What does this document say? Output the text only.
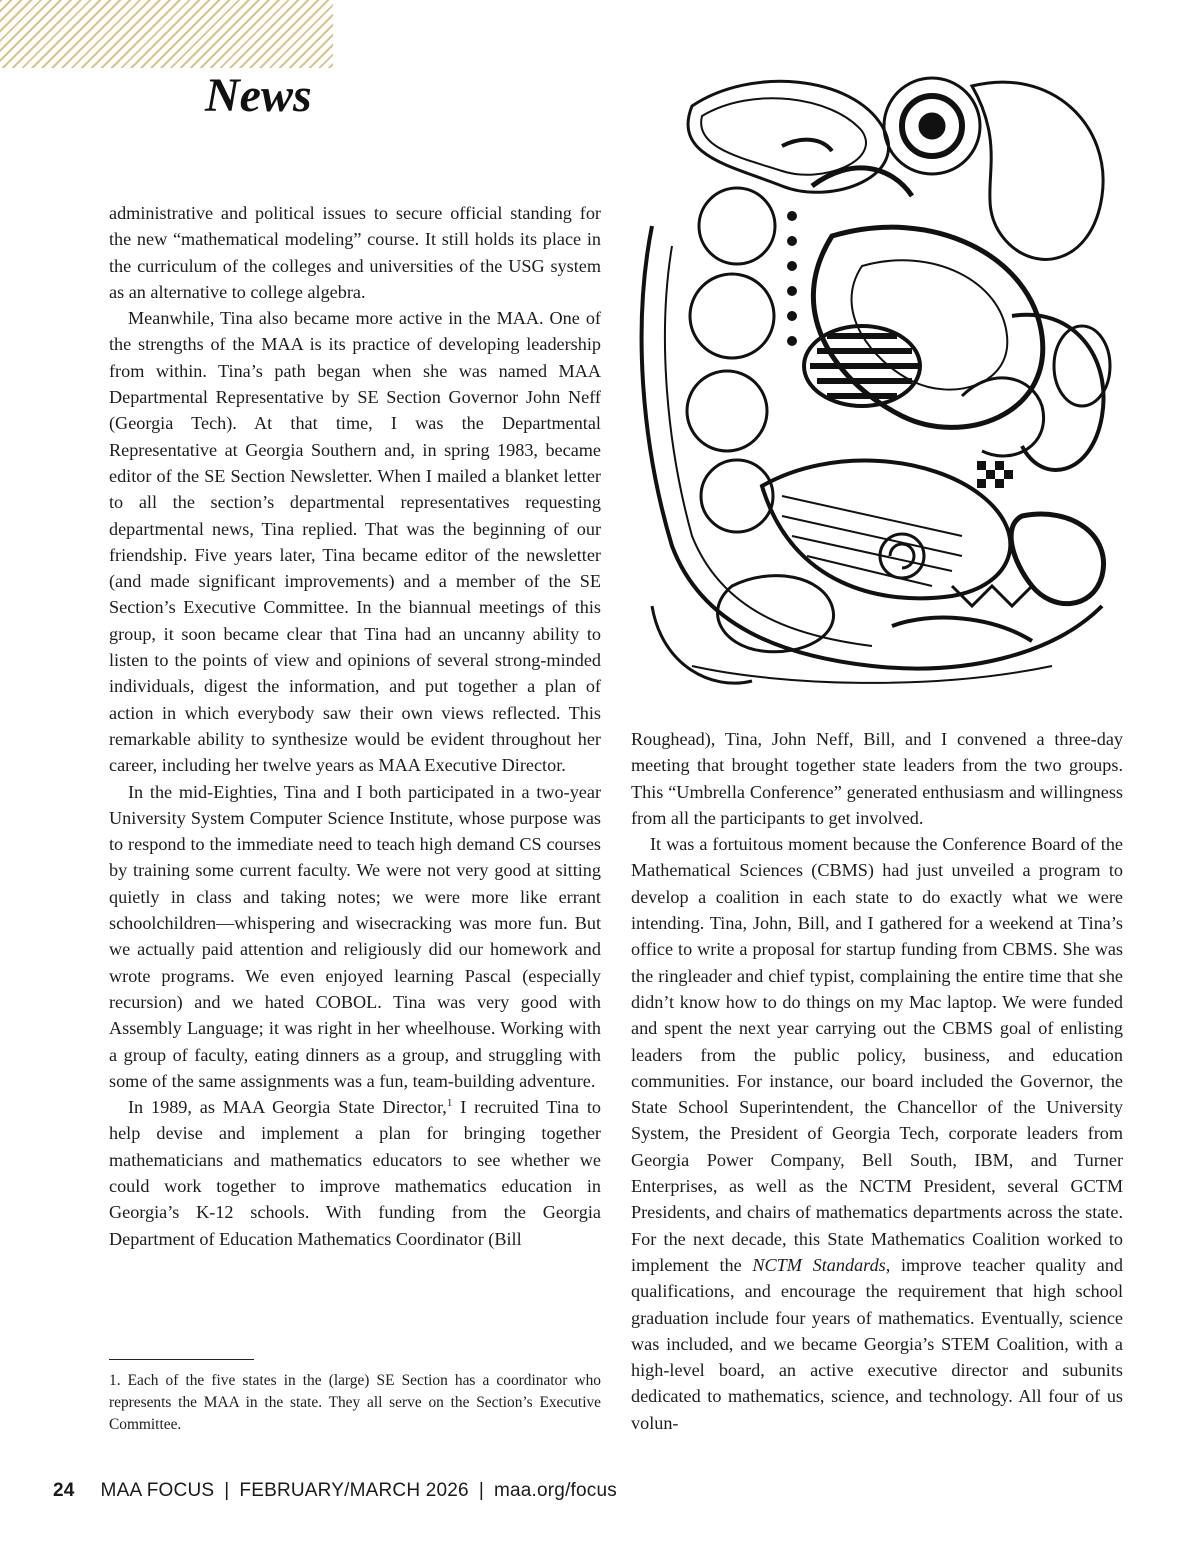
News

administrative and political issues to secure official standing for the new “mathematical modeling” course. It still holds its place in the curriculum of the colleges and universities of the USG system as an alternative to college algebra.

Meanwhile, Tina also became more active in the MAA. One of the strengths of the MAA is its practice of developing leadership from within. Tina’s path began when she was named MAA Departmental Representative by SE Section Governor John Neff (Georgia Tech). At that time, I was the Departmental Representative at Georgia Southern and, in spring 1983, became editor of the SE Section Newsletter. When I mailed a blanket letter to all the section’s departmental representatives requesting departmental news, Tina replied. That was the beginning of our friendship. Five years later, Tina became editor of the newsletter (and made significant improvements) and a member of the SE Section’s Executive Committee. In the biannual meetings of this group, it soon became clear that Tina had an uncanny ability to listen to the points of view and opinions of several strong-minded individuals, digest the information, and put together a plan of action in which everybody saw their own views reflected. This remarkable ability to synthesize would be evident throughout her career, including her twelve years as MAA Executive Director.

In the mid-Eighties, Tina and I both participated in a two-year University System Computer Science Institute, whose purpose was to respond to the immediate need to teach high demand CS courses by training some current faculty. We were not very good at sitting quietly in class and taking notes; we were more like errant schoolchildren—whispering and wisecracking was more fun. But we actually paid attention and religiously did our homework and wrote programs. We even enjoyed learning Pascal (especially recursion) and we hated COBOL. Tina was very good with Assembly Language; it was right in her wheelhouse. Working with a group of faculty, eating dinners as a group, and struggling with some of the same assignments was a fun, team-building adventure.

In 1989, as MAA Georgia State Director,$^1$ I recruited Tina to help devise and implement a plan for bringing together mathematicians and mathematics educators to see whether we could work together to improve mathematics education in Georgia’s K-12 schools. With funding from the Georgia Department of Education Mathematics Coordinator (Bill

1. Each of the five states in the (large) SE Section has a coordinator who represents the MAA in the state. They all serve on the Section’s Executive Committee.

Roughead), Tina, John Neff, Bill, and I convened a three-day meeting that brought together state leaders from the two groups. This “Umbrella Conference” generated enthusiasm and willingness from all the participants to get involved.

It was a fortuitous moment because the Conference Board of the Mathematical Sciences (CBMS) had just unveiled a program to develop a coalition in each state to do exactly what we were intending. Tina, John, Bill, and I gathered for a weekend at Tina’s office to write a proposal for startup funding from CBMS. She was the ringleader and chief typist, complaining the entire time that she didn’t know how to do things on my Mac laptop. We were funded and spent the next year carrying out the CBMS goal of enlisting leaders from the public policy, business, and education communities. For instance, our board included the Governor, the State School Superintendent, the Chancellor of the University System, the President of Georgia Tech, corporate leaders from Georgia Power Company, Bell South, IBM, and Turner Enterprises, as well as the NCTM President, several GCTM Presidents, and chairs of mathematics departments across the state. For the next decade, this State Mathematics Coalition worked to implement the NCTM Standards, improve teacher quality and qualifications, and encourage the requirement that high school graduation include four years of mathematics. Eventually, science was included, and we became Georgia’s STEM Coalition, with a high-level board, an active executive director and subunits dedicated to mathematics, science, and technology. All four of us volun-

24 MAA FOCUS | FEBRUARY/MARCH 2026 | maa.org/focus
